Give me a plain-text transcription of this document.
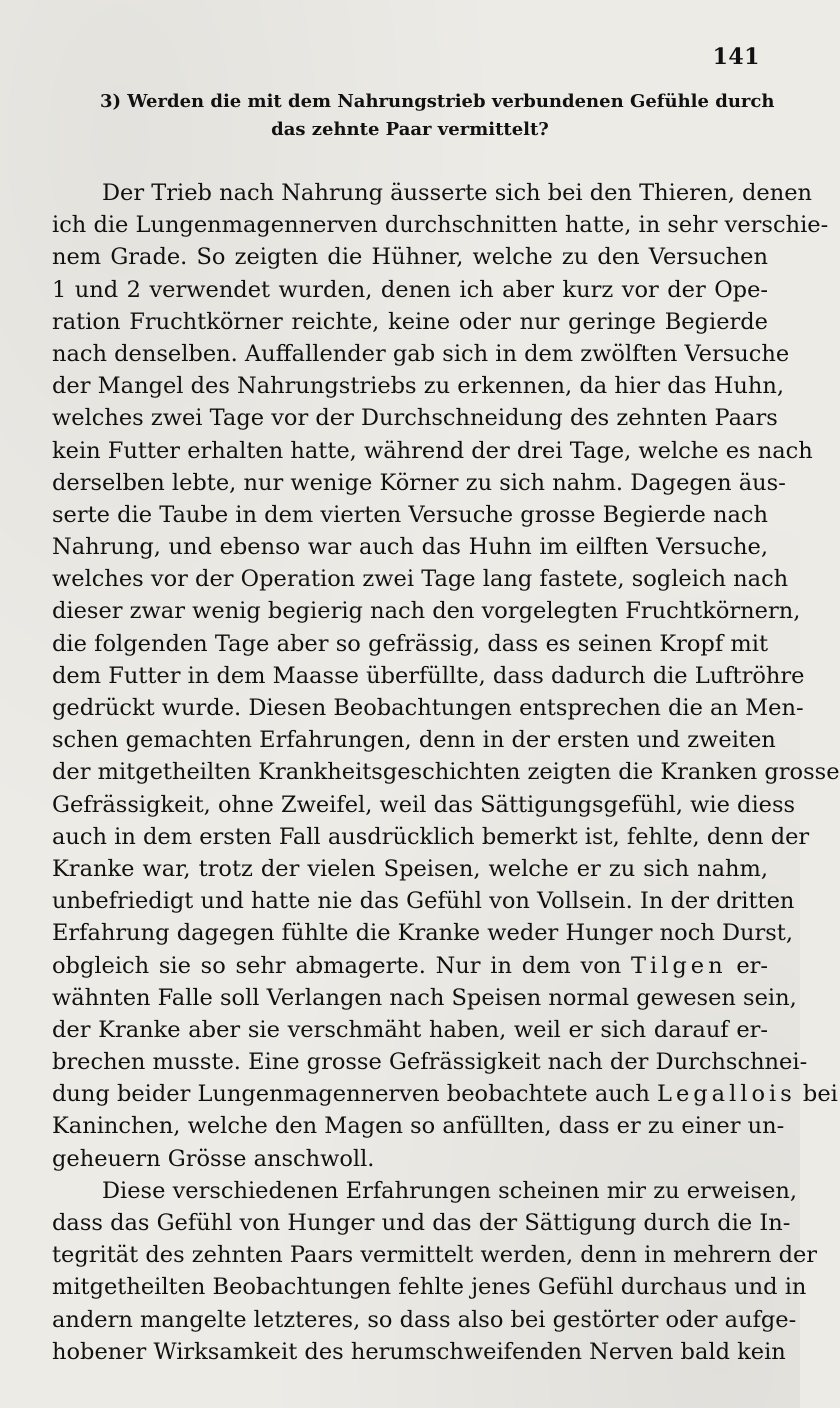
141
3) Werden die mit dem Nahrungstrieb verbundenen Gefühle durch
das zehnte Paar vermittelt?
Der Trieb nach Nahrung äusserte sich bei den Thieren, denen
ich die Lungenmagennerven durchschnitten hatte, in sehr verschie-
nem Grade. So zeigten die Hühner, welche zu den Versuchen
1 und 2 verwendet wurden, denen ich aber kurz vor der Ope-
ration Fruchtkörner reichte, keine oder nur geringe Begierde
nach denselben. Auffallender gab sich in dem zwölften Versuche
der Mangel des Nahrungstriebs zu erkennen, da hier das Huhn,
welches zwei Tage vor der Durchschneidung des zehnten Paars
kein Futter erhalten hatte, während der drei Tage, welche es nach
derselben lebte, nur wenige Körner zu sich nahm. Dagegen äus-
serte die Taube in dem vierten Versuche grosse Begierde nach
Nahrung, und ebenso war auch das Huhn im eilften Versuche,
welches vor der Operation zwei Tage lang fastete, sogleich nach
dieser zwar wenig begierig nach den vorgelegten Fruchtkörnern,
die folgenden Tage aber so gefrässig, dass es seinen Kropf mit
dem Futter in dem Maasse überfüllte, dass dadurch die Luftröhre
gedrückt wurde. Diesen Beobachtungen entsprechen die an Men-
schen gemachten Erfahrungen, denn in der ersten und zweiten
der mitgetheilten Krankheitsgeschichten zeigten die Kranken grosse
Gefrässigkeit, ohne Zweifel, weil das Sättigungsgefühl, wie diess
auch in dem ersten Fall ausdrücklich bemerkt ist, fehlte, denn der
Kranke war, trotz der vielen Speisen, welche er zu sich nahm,
unbefriedigt und hatte nie das Gefühl von Vollsein. In der dritten
Erfahrung dagegen fühlte die Kranke weder Hunger noch Durst,
obgleich sie so sehr abmagerte. Nur in dem von Tilgen er-
wähnten Falle soll Verlangen nach Speisen normal gewesen sein,
der Kranke aber sie verschmäht haben, weil er sich darauf er-
brechen musste. Eine grosse Gefrässigkeit nach der Durchschnei-
dung beider Lungenmagennerven beobachtete auch Legallois bei
Kaninchen, welche den Magen so anfüllten, dass er zu einer un-
geheuern Grösse anschwoll.
Diese verschiedenen Erfahrungen scheinen mir zu erweisen,
dass das Gefühl von Hunger und das der Sättigung durch die In-
tegrität des zehnten Paars vermittelt werden, denn in mehrern der
mitgetheilten Beobachtungen fehlte jenes Gefühl durchaus und in
andern mangelte letzteres, so dass also bei gestörter oder aufge-
hobener Wirksamkeit des herumschweifenden Nerven bald kein
